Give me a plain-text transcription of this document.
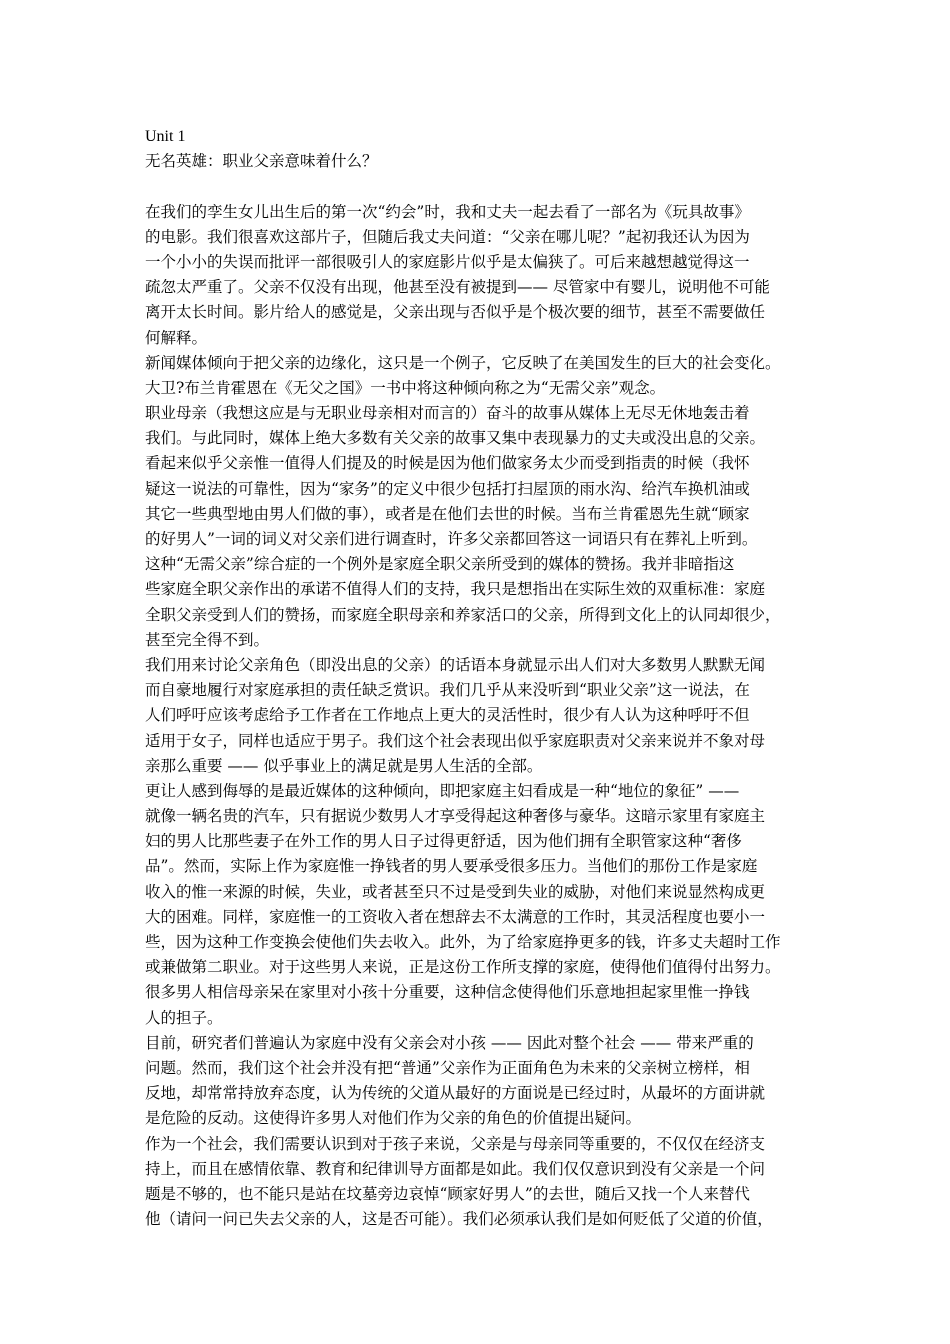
Unit 1
无名英雄：职业父亲意味着什么？
在我们的孪生女儿出生后的第一次“约会”时，我和丈夫一起去看了一部名为《玩具故事》
的电影。我们很喜欢这部片子，但随后我丈夫问道：“父亲在哪儿呢？”起初我还认为因为
一个小小的失误而批评一部很吸引人的家庭影片似乎是太偏狭了。可后来越想越觉得这一
疏忽太严重了。父亲不仅没有出现，他甚至没有被提到—— 尽管家中有婴儿，说明他不可能
离开太长时间。影片给人的感觉是，父亲出现与否似乎是个极次要的细节，甚至不需要做任
何解释。
新闻媒体倾向于把父亲的边缘化，这只是一个例子，它反映了在美国发生的巨大的社会变化。
大卫?布兰肯霍恩在《无父之国》一书中将这种倾向称之为“无需父亲”观念。
职业母亲（我想这应是与无职业母亲相对而言的）奋斗的故事从媒体上无尽无休地轰击着
我们。与此同时，媒体上绝大多数有关父亲的故事又集中表现暴力的丈夫或没出息的父亲。
看起来似乎父亲惟一值得人们提及的时候是因为他们做家务太少而受到指责的时候（我怀
疑这一说法的可靠性，因为“家务”的定义中很少包括打扫屋顶的雨水沟、给汽车换机油或
其它一些典型地由男人们做的事），或者是在他们去世的时候。当布兰肯霍恩先生就“顾家
的好男人”一词的词义对父亲们进行调查时，许多父亲都回答这一词语只有在葬礼上听到。
这种“无需父亲”综合症的一个例外是家庭全职父亲所受到的媒体的赞扬。我并非暗指这
些家庭全职父亲作出的承诺不值得人们的支持，我只是想指出在实际生效的双重标准：家庭
全职父亲受到人们的赞扬，而家庭全职母亲和养家活口的父亲，所得到文化上的认同却很少，
甚至完全得不到。
我们用来讨论父亲角色（即没出息的父亲）的话语本身就显示出人们对大多数男人默默无闻
而自豪地履行对家庭承担的责任缺乏赏识。我们几乎从来没听到“职业父亲”这一说法，在
人们呼吁应该考虑给予工作者在工作地点上更大的灵活性时，很少有人认为这种呼吁不但
适用于女子，同样也适应于男子。我们这个社会表现出似乎家庭职责对父亲来说并不象对母
亲那么重要 —— 似乎事业上的满足就是男人生活的全部。
更让人感到侮辱的是最近媒体的这种倾向，即把家庭主妇看成是一种“地位的象征” ——
就像一辆名贵的汽车，只有据说少数男人才享受得起这种奢侈与豪华。这暗示家里有家庭主
妇的男人比那些妻子在外工作的男人日子过得更舒适，因为他们拥有全职管家这种“奢侈
品”。然而，实际上作为家庭惟一挣钱者的男人要承受很多压力。当他们的那份工作是家庭
收入的惟一来源的时候，失业，或者甚至只不过是受到失业的威胁，对他们来说显然构成更
大的困难。同样，家庭惟一的工资收入者在想辞去不太满意的工作时，其灵活程度也要小一
些，因为这种工作变换会使他们失去收入。此外，为了给家庭挣更多的钱，许多丈夫超时工作
或兼做第二职业。对于这些男人来说，正是这份工作所支撑的家庭，使得他们值得付出努力。
很多男人相信母亲呆在家里对小孩十分重要，这种信念使得他们乐意地担起家里惟一挣钱
人的担子。
目前，研究者们普遍认为家庭中没有父亲会对小孩 —— 因此对整个社会 —— 带来严重的
问题。然而，我们这个社会并没有把“普通”父亲作为正面角色为未来的父亲树立榜样，相
反地，却常常持放弃态度，认为传统的父道从最好的方面说是已经过时，从最坏的方面讲就
是危险的反动。这使得许多男人对他们作为父亲的角色的价值提出疑问。
作为一个社会，我们需要认识到对于孩子来说，父亲是与母亲同等重要的，不仅仅在经济支
持上，而且在感情依靠、教育和纪律训导方面都是如此。我们仅仅意识到没有父亲是一个问
题是不够的，也不能只是站在坟墓旁边哀悼“顾家好男人”的去世，随后又找一个人来替代
他（请问一问已失去父亲的人，这是否可能）。我们必须承认我们是如何贬低了父道的价值，
